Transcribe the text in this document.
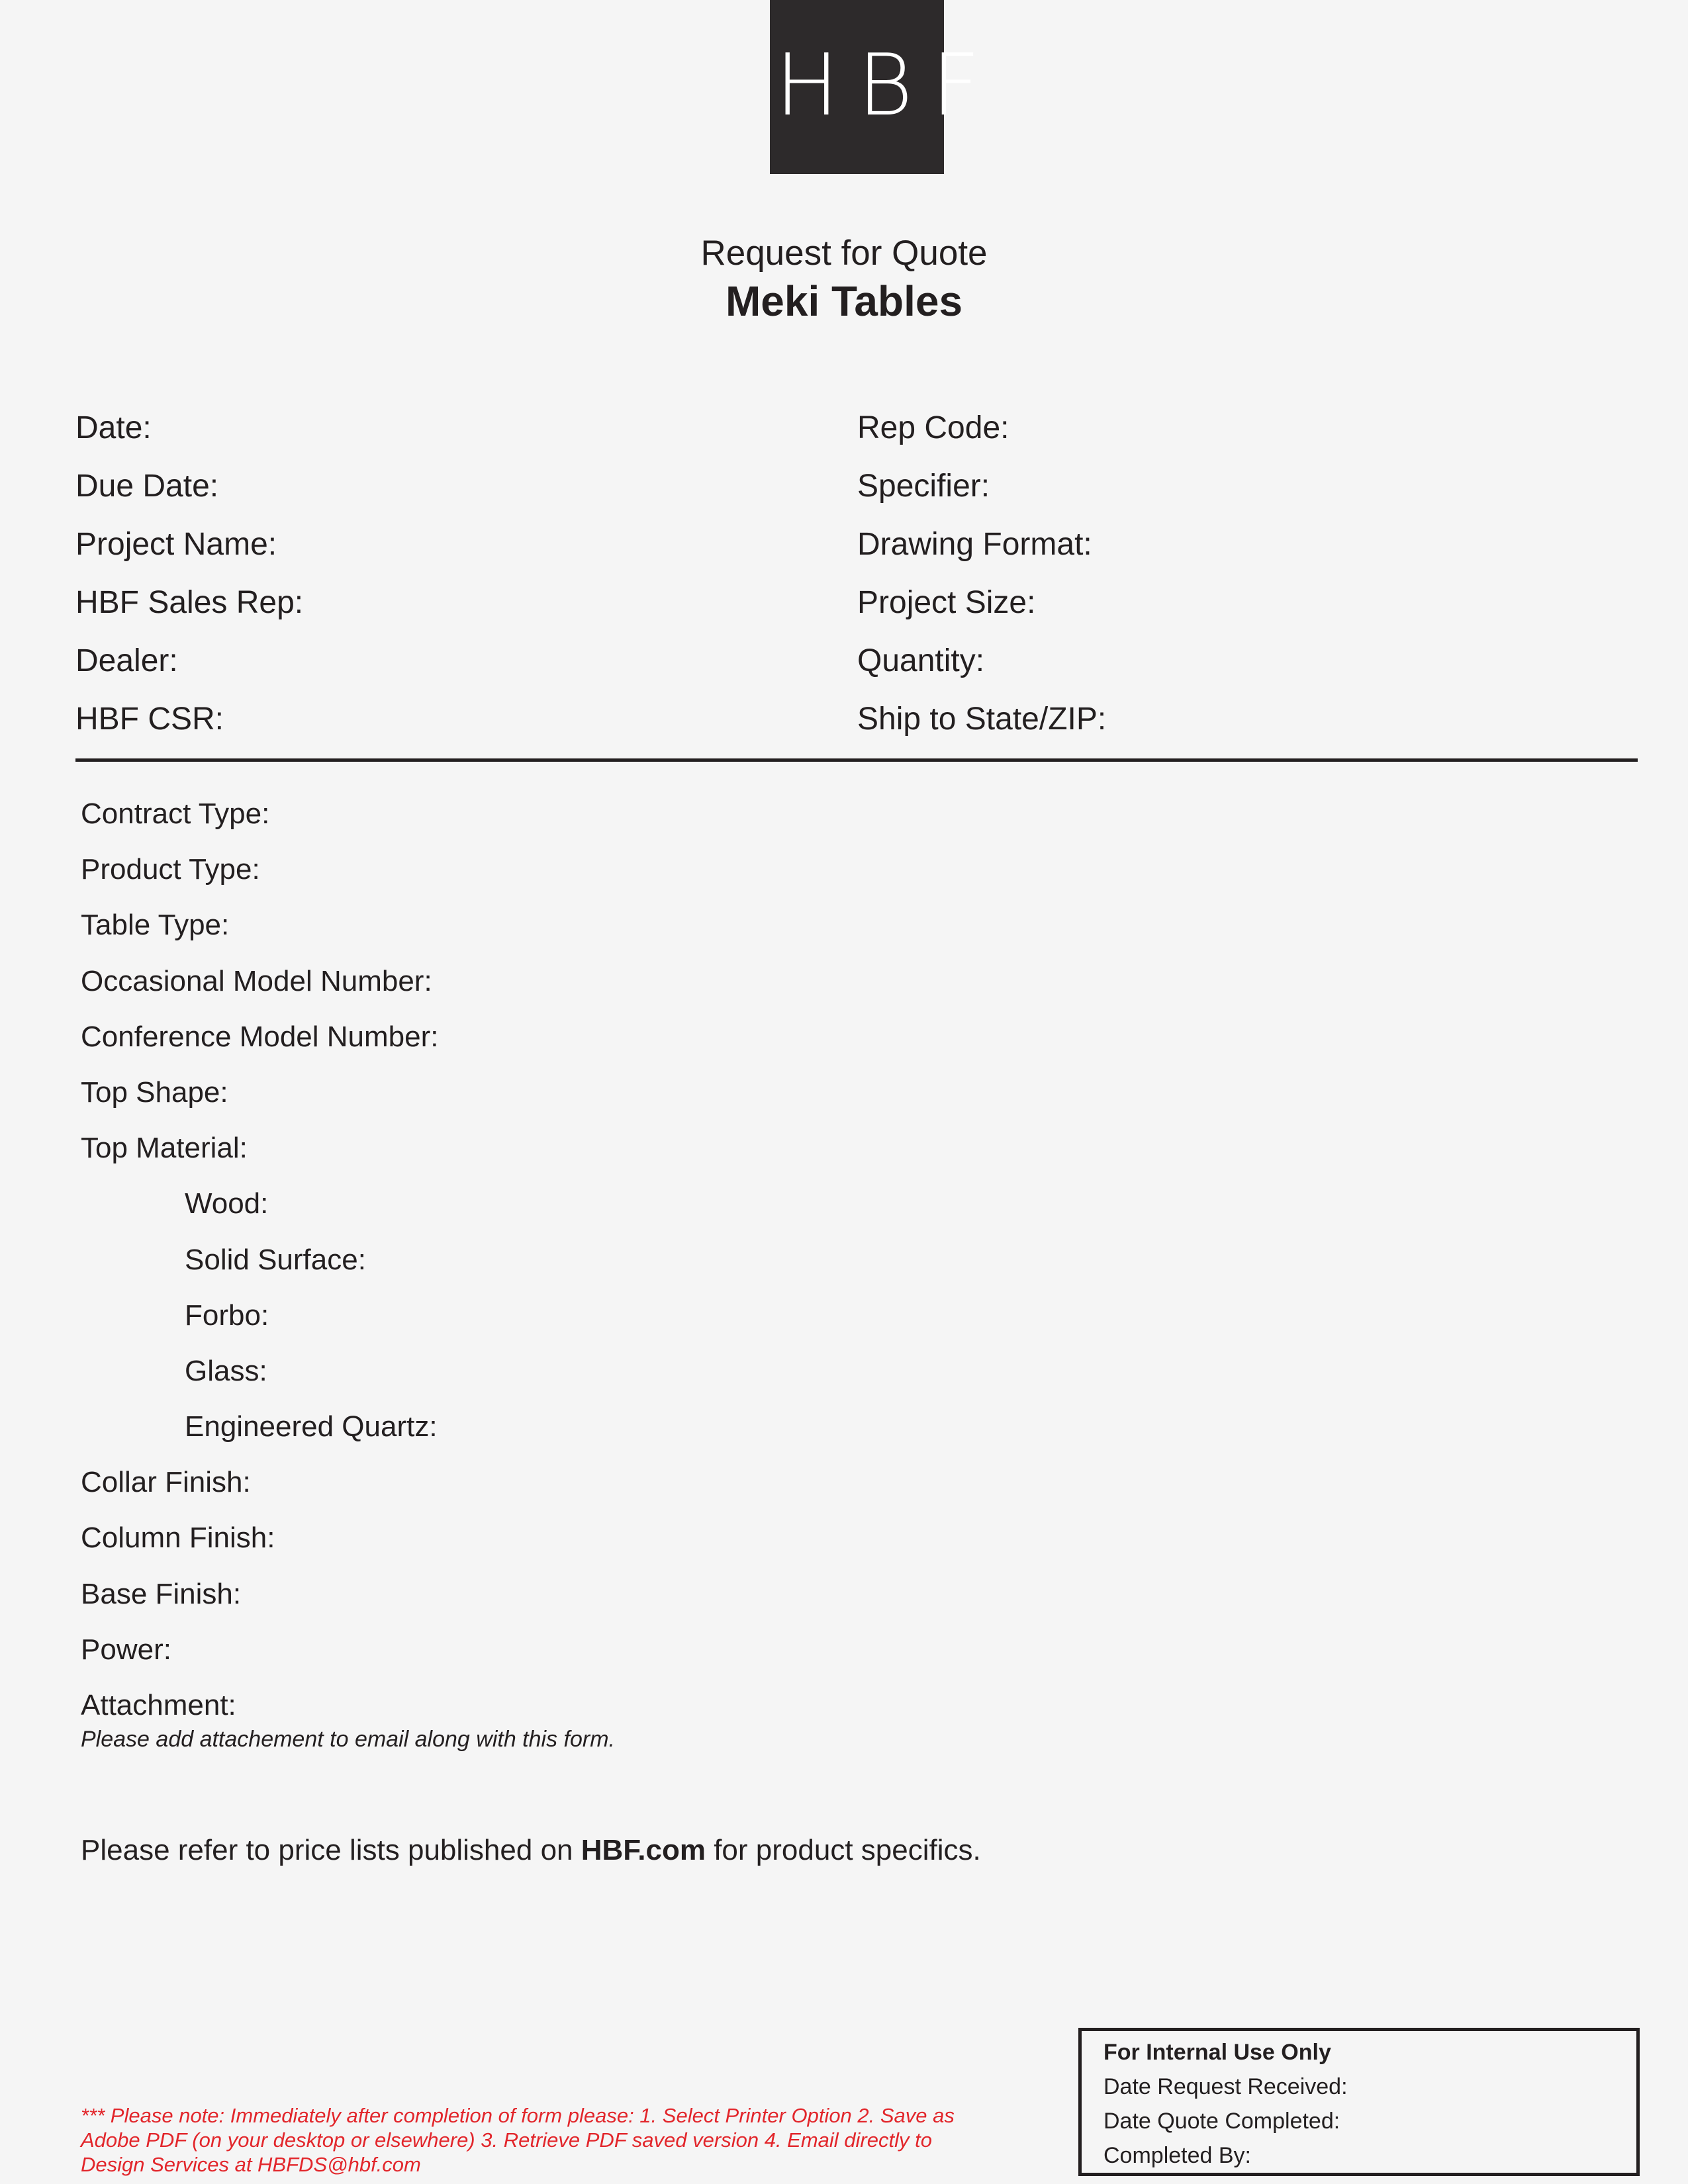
HBF
Request for Quote
Meki Tables
Date:
Due Date:
Project Name:
HBF Sales Rep:
Dealer:
HBF CSR:
Rep Code:
Specifier:
Drawing Format:
Project Size:
Quantity:
Ship to State/ZIP:
Contract Type:
Product Type:
Table Type:
Occasional Model Number:
Conference Model Number:
Top Shape:
Top Material:
Wood:
Solid Surface:
Forbo:
Glass:
Engineered Quartz:
Collar Finish:
Column Finish:
Base Finish:
Power:
Attachment:
Please add attachement to email along with this form.
Please refer to price lists published on HBF.com for product specifics.
*** Please note: Immediately after completion of form please: 1. Select Printer Option 2. Save as Adobe PDF (on your desktop or elsewhere) 3. Retrieve PDF saved version 4. Email directly to Design Services at HBFDS@hbf.com
For Internal Use Only
Date Request Received:
Date Quote Completed:
Completed By:
